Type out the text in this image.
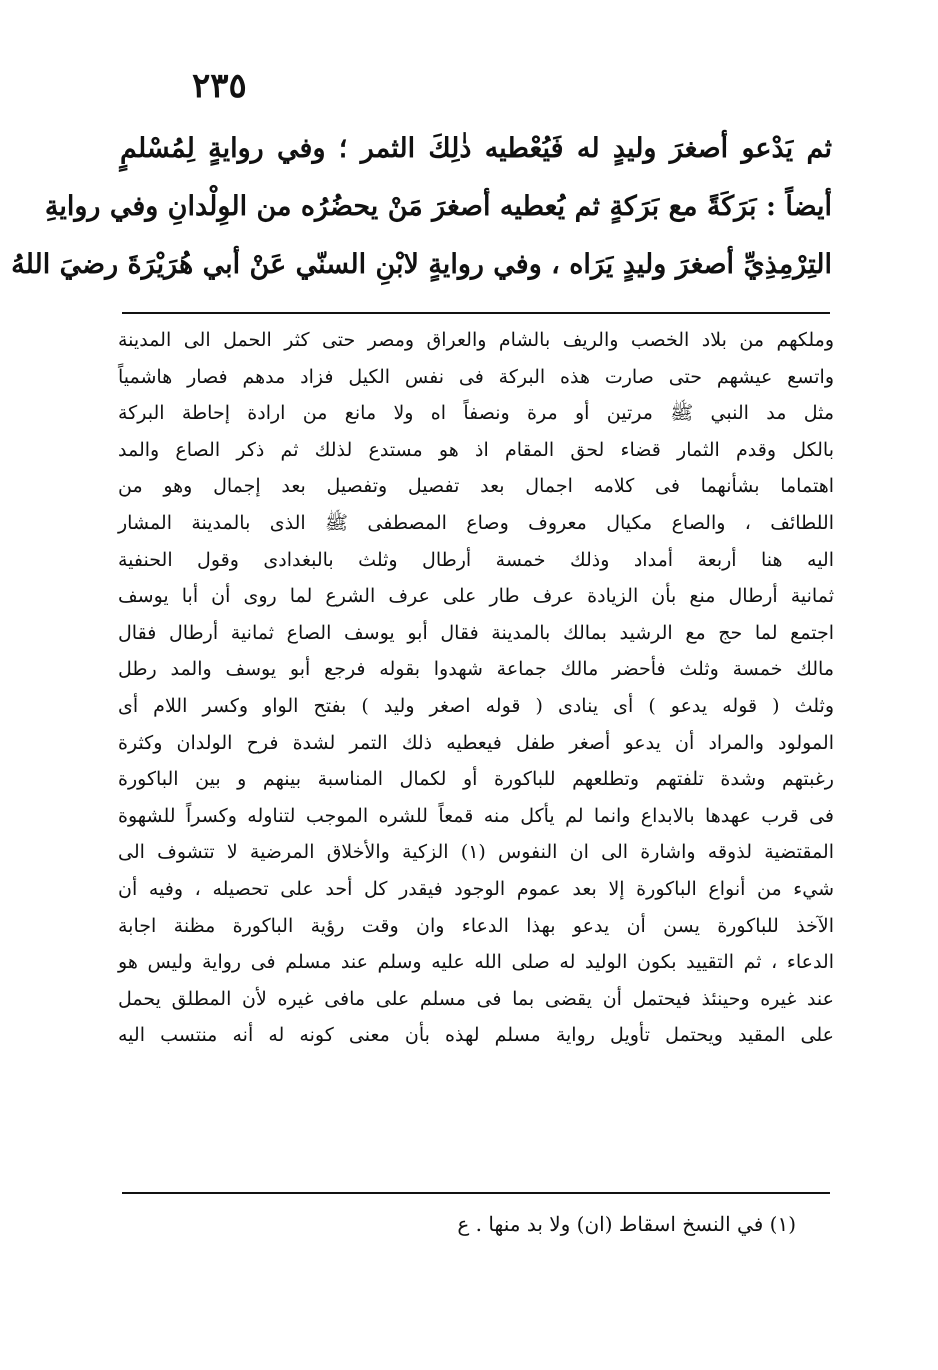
٢٣٥
ثم يَدْعو أصغرَ وليدٍ له فَيُعْطيه ذٰلِكَ الثمر ؛ وفي روايةٍ لِمُسْلمٍ
أيضاً : بَرَكَةً مع بَرَكةٍ ثم يُعطيه أصغرَ مَنْ يحضُرُه من الوِلْدانِ وفي روايةِ
التِرْمِذِيِّ أصغرَ وليدٍ يَرَاه ، وفي روايةٍ لابْنِ السنّي عَنْ أبي هُرَيْرَةَ رضيَ اللهُ
وملكهم من بلاد الخصب والريف بالشام والعراق ومصر حتى كثر الحمل الى المدينة
واتسع عيشهم حتى صارت هذه البركة فى نفس الكيل فزاد مدهم فصار هاشمياً
مثل مد النبي ﷺ مرتين أو مرة ونصفاً اه ولا مانع من ارادة إحاطة البركة
بالكل وقدم الثمار قضاء لحق المقام اذ هو مستدع لذلك ثم ذكر الصاع والمد
اهتماما بشأنهما فى كلامه اجمال بعد تفصيل وتفصيل بعد إجمال وهو من
اللطائف ، والصاع مكيال معروف وصاع المصطفى ﷺ الذى بالمدينة المشار
اليه هنا أربعة أمداد وذلك خمسة أرطال وثلث بالبغدادى وقول الحنفية
ثمانية أرطال منع بأن الزيادة عرف طار على عرف الشرع لما روى أن أبا يوسف
اجتمع لما حج مع الرشيد بمالك بالمدينة فقال أبو يوسف الصاع ثمانية أرطال فقال
مالك خمسة وثلث فأحضر مالك جماعة شهدوا بقوله فرجع أبو يوسف والمد رطل
وثلث ( قوله يدعو ) أى ينادى ( قوله اصغر وليد ) بفتح الواو وكسر اللام أى
المولود والمراد أن يدعو أصغر طفل فيعطيه ذلك التمر لشدة فرح الولدان وكثرة
رغبتهم وشدة تلفتهم وتطلعهم للباكورة أو لكمال المناسبة بينهم و بين الباكورة
فى قرب عهدها بالابداع وانما لم يأكل منه قمعاً للشره الموجب لتناوله وكسراً للشهوة
المقتضية لذوقه واشارة الى ان النفوس (١) الزكية والأخلاق المرضية لا تتشوف الى
شيء من أنواع الباكورة إلا بعد عموم الوجود فيقدر كل أحد على تحصيله ، وفيه أن
الآخذ للباكورة يسن أن يدعو بهذا الدعاء وان وقت رؤية الباكورة مظنة اجابة
الدعاء ، ثم التقييد بكون الوليد له صلى الله عليه وسلم عند مسلم فى رواية وليس هو
عند غيره وحينئذ فيحتمل أن يقضى بما فى مسلم على مافى غيره لأن المطلق يحمل
على المقيد ويحتمل تأويل رواية مسلم لهذه بأن معنى كونه له أنه منتسب اليه
(١) في النسخ اسقاط (ان) ولا بد منها . ع
